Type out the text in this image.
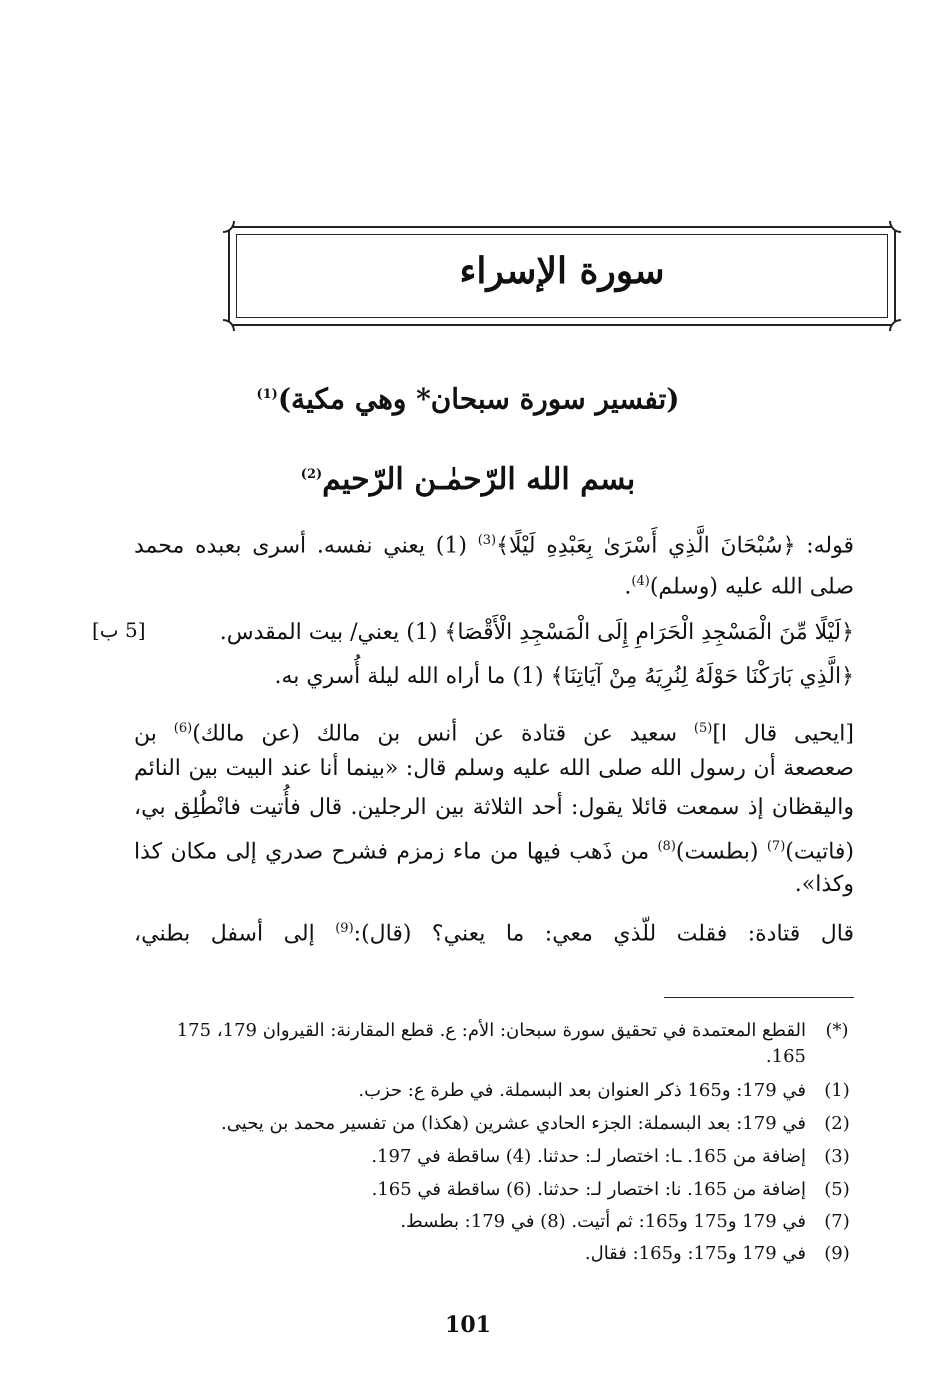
سورة الإسراء
(تفسير سورة سبحان* وهي مكية)$^{(1)}$
بسم الله الرّحمٰـن الرّحيم$^{(2)}$
قوله: ﴿سُبْحَانَ الَّذِي أَسْرَىٰ بِعَبْدِهِ لَيْلًا﴾$^{(3)}$ (1) يعني نفسه. أسرى بعبده محمد
صلى الله عليه (وسلم)$^{(4)}$.
﴿لَيْلًا مِّنَ الْمَسْجِدِ الْحَرَامِ إِلَى الْمَسْجِدِ الْأَقْصَا﴾ (1) يعني/ بيت المقدس.
[5 ب]
﴿الَّذِي بَارَكْنَا حَوْلَهُ لِنُرِيَهُ مِنْ آيَاتِنَا﴾ (1) ما أراه الله ليلة أُسري به.
[ايحيى قال ا]$^{(5)}$ سعيد عن قتادة عن أنس بن مالك (عن مالك)$^{(6)}$ بن
صعصعة أن رسول الله صلى الله عليه وسلم قال: «بينما أنا عند البيت بين النائم
واليقظان إذ سمعت قائلا يقول: أحد الثلاثة بين الرجلين. قال فأُتيت فانْطُلِق بي،
(فاتيت)$^{(7)}$ (بطست)$^{(8)}$ من ذَهب فيها من ماء زمزم فشرح صدري إلى مكان كذا
وكذا».
قال قتادة: فقلت للّذي معي: ما يعني؟ (قال):$^{(9)}$ إلى أسفل بطني،
(*)
القطع المعتمدة في تحقيق سورة سبحان: الأم: ع. قطع المقارنة: القيروان 179، 175
165.
(1)
في 179: و165 ذكر العنوان بعد البسملة. في طرة ع: حزب.
(2)
في 179: بعد البسملة: الجزء الحادي عشرين (هكذا) من تفسير محمد بن يحيى.
(3)
إضافة من 165. ـا: اختصار لـ: حدثنا. (4) ساقطة في 197.
(5)
إضافة من 165. نا: اختصار لـ: حدثنا. (6) ساقطة في 165.
(7)
في 179 و175 و165: ثم أتيت. (8) في 179: بطسط.
(9)
في 179 و175: و165: فقال.
101
